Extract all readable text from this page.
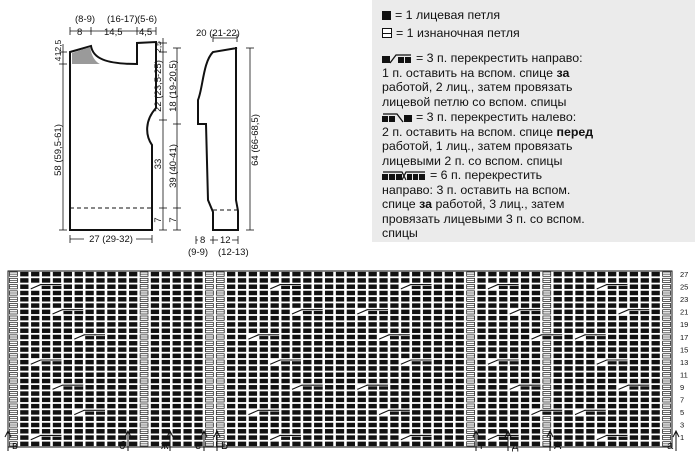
(8-9) (16-17) (5-6)
8 14,5 4,5
12,5
4
58 (59,5-61)
2,5
22 (23,5-25)
33
7
27 (29-32)
20 (21-22)
18 (19-20,5)
39 (40-41)
7
64 (66-68,5)
8 12
(9-9) (12-13)
27
25
23
21
19
17
15
13
11
9
7
5
3
1
в	б	ж е Б	г	д	А	а
= 1 лицевая петля
= 1 изнаночная петля
= 3 п. перекрестить направо:
1 п. оставить на вспом. спице за
работой, 2 лиц., затем провязать
лицевой петлю со вспом. спицы
= 3 п. перекрестить налево:
2 п. оставить на вспом. спице перед
работой, 1 лиц., затем провязать
лицевыми 2 п. со вспом. спицы
= 6 п. перекрестить
направо: 3 п. оставить на вспом.
спице за работой, 3 лиц., затем
провязать лицевыми 3 п. со вспом.
спицы
